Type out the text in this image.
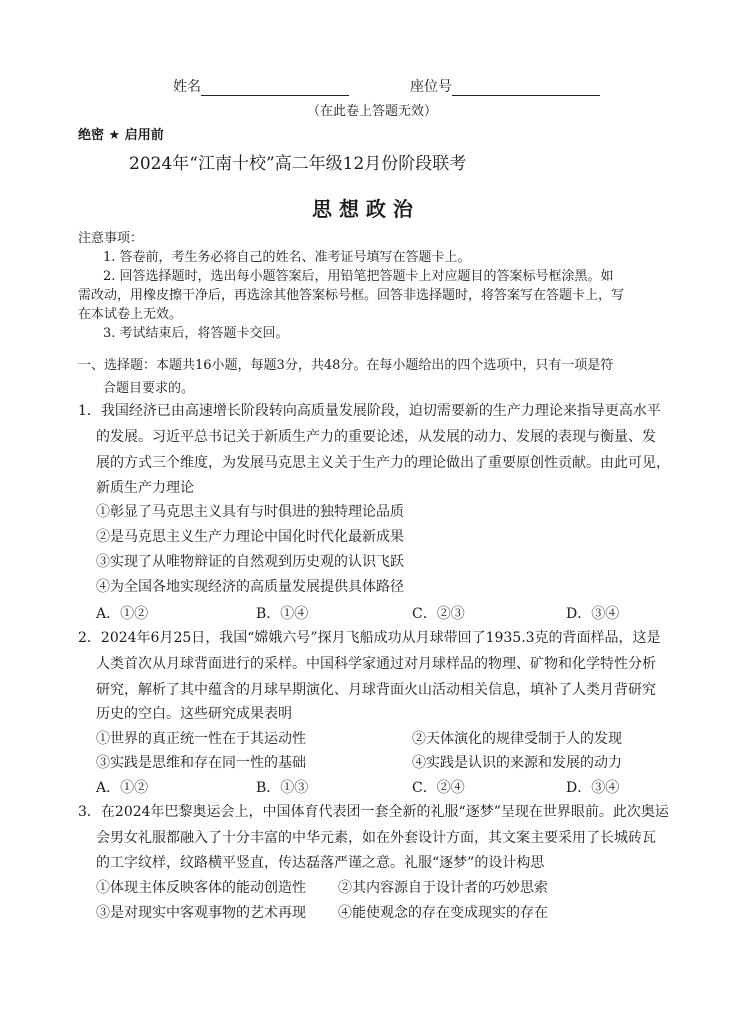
姓名	座位号
（在此卷上答题无效）
绝密 ★ 启用前
2024年“江南十校”高二年级12月份阶段联考
思 想 政 治
注意事项：
1. 答卷前，考生务必将自己的姓名、准考证号填写在答题卡上。
2. 回答选择题时，选出每小题答案后，用铅笔把答题卡上对应题目的答案标号框涂黑。如
需改动，用橡皮擦干净后，再选涂其他答案标号框。回答非选择题时，将答案写在答题卡上，写
在本试卷上无效。
3. 考试结束后，将答题卡交回。
一、选择题：本题共16小题，每题3分，共48分。在每小题给出的四个选项中，只有一项是符
合题目要求的。
1．我国经济已由高速增长阶段转向高质量发展阶段，迫切需要新的生产力理论来指导更高水平
的发展。习近平总书记关于新质生产力的重要论述，从发展的动力、发展的表现与衡量、发
展的方式三个维度，为发展马克思主义关于生产力的理论做出了重要原创性贡献。由此可见，
新质生产力理论
①彰显了马克思主义具有与时俱进的独特理论品质
②是马克思主义生产力理论中国化时代化最新成果
③实现了从唯物辩证的自然观到历史观的认识飞跃
④为全国各地实现经济的高质量发展提供具体路径
A．①②	B．①④	C．②③	D．③④
2．2024年6月25日，我国“嫦娥六号”探月飞船成功从月球带回了1935.3克的背面样品，这是
人类首次从月球背面进行的采样。中国科学家通过对月球样品的物理、矿物和化学特性分析
研究，解析了其中蕴含的月球早期演化、月球背面火山活动相关信息，填补了人类月背研究
历史的空白。这些研究成果表明
①世界的真正统一性在于其运动性	②天体演化的规律受制于人的发现
③实践是思维和存在同一性的基础	④实践是认识的来源和发展的动力
A．①②	B．①③	C．②④	D．③④
3．在2024年巴黎奥运会上，中国体育代表团一套全新的礼服“逐梦”呈现在世界眼前。此次奥运
会男女礼服都融入了十分丰富的中华元素，如在外套设计方面，其文案主要采用了长城砖瓦
的工字纹样，纹路横平竖直，传达磊落严谨之意。礼服“逐梦”的设计构思
①体现主体反映客体的能动创造性 ②其内容源自于设计者的巧妙思索
③是对现实中客观事物的艺术再现 ④能使观念的存在变成现实的存在
